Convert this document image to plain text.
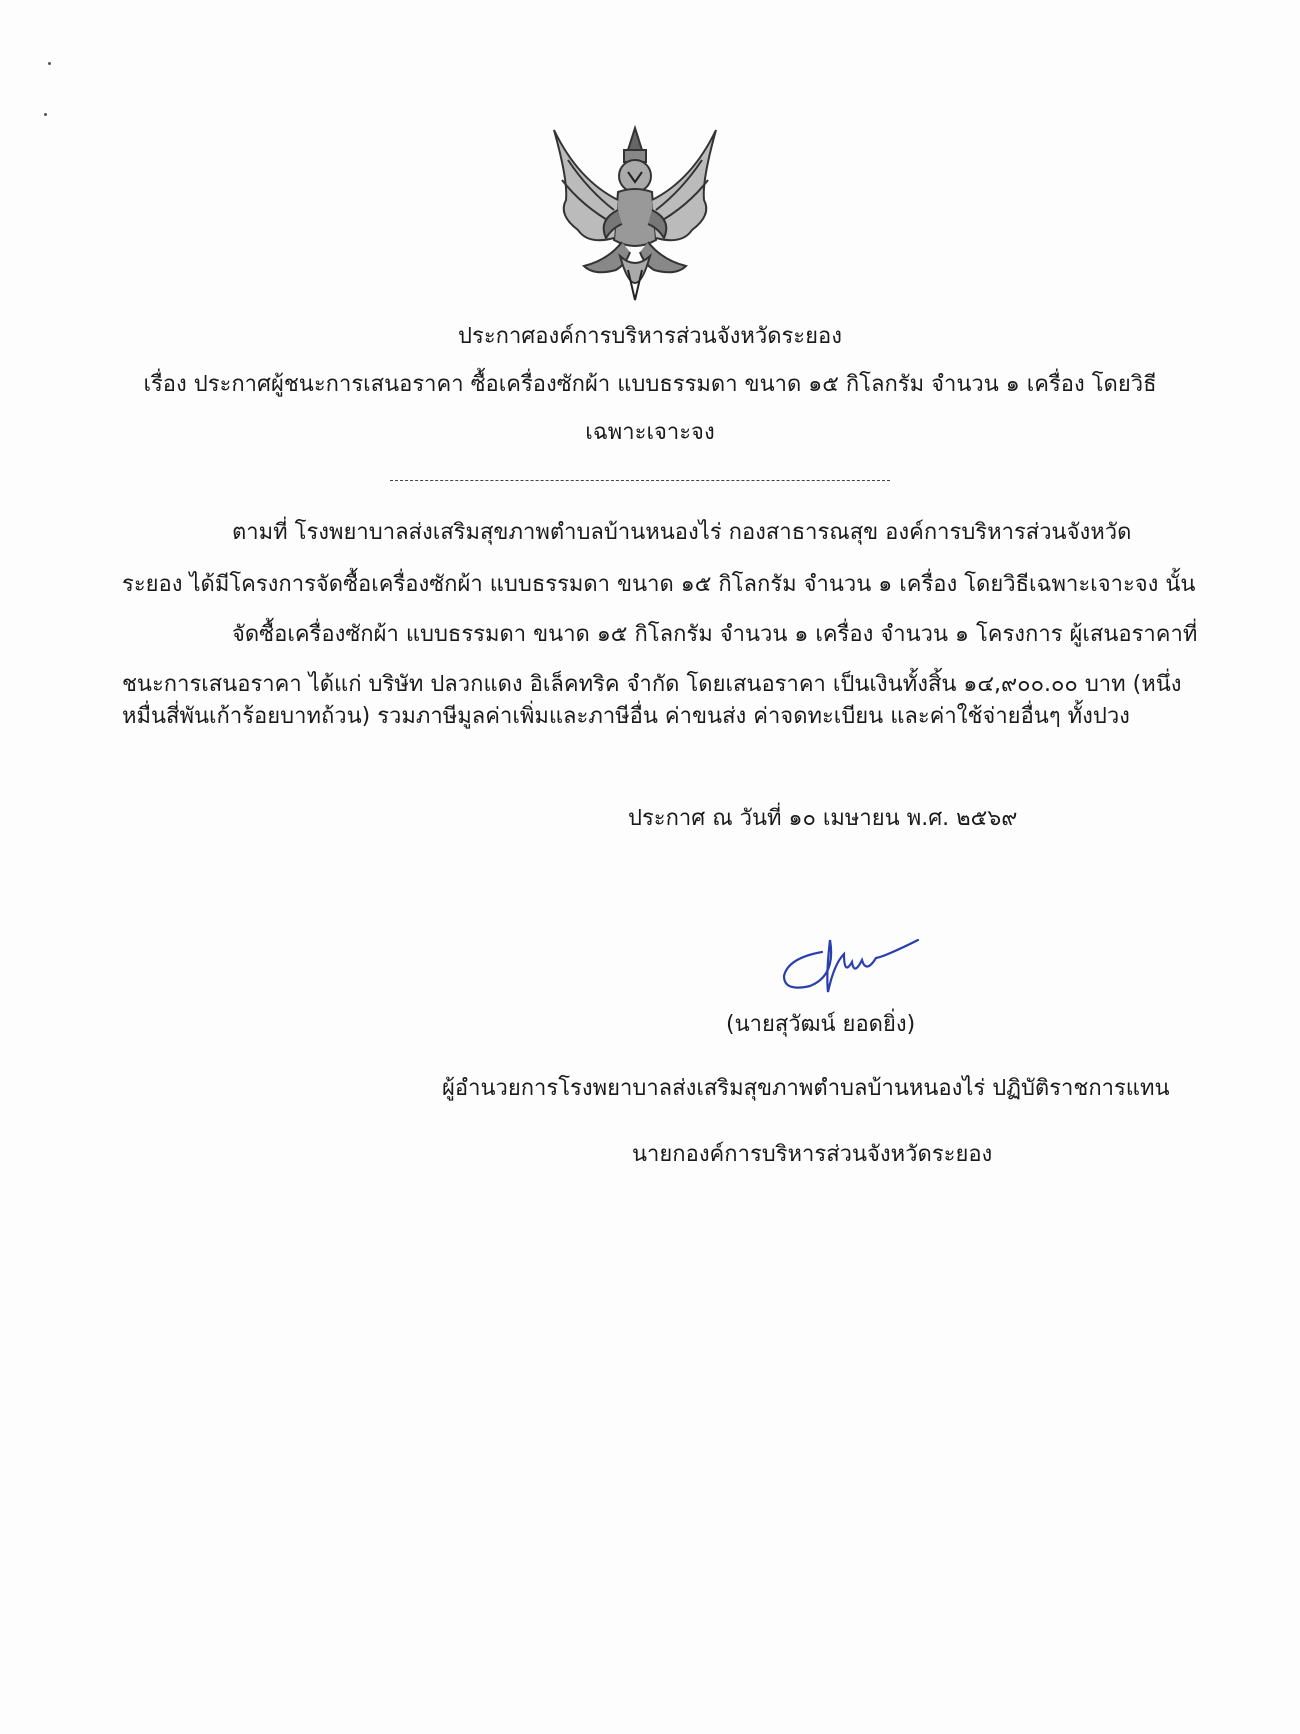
ประกาศองค์การบริหารส่วนจังหวัดระยอง
เรื่อง ประกาศผู้ชนะการเสนอราคา ซื้อเครื่องซักผ้า แบบธรรมดา ขนาด ๑๕ กิโลกรัม จำนวน ๑ เครื่อง โดยวิธี
เฉพาะเจาะจง
ตามที่ โรงพยาบาลส่งเสริมสุขภาพตำบลบ้านหนองไร่ กองสาธารณสุข องค์การบริหารส่วนจังหวัด
ระยอง ได้มีโครงการจัดซื้อเครื่องซักผ้า แบบธรรมดา ขนาด ๑๕ กิโลกรัม จำนวน ๑ เครื่อง โดยวิธีเฉพาะเจาะจง นั้น
จัดซื้อเครื่องซักผ้า แบบธรรมดา ขนาด ๑๕ กิโลกรัม จำนวน ๑ เครื่อง จำนวน ๑ โครงการ ผู้เสนอราคาที่
ชนะการเสนอราคา ได้แก่ บริษัท ปลวกแดง อิเล็คทริค จำกัด โดยเสนอราคา เป็นเงินทั้งสิ้น ๑๔,๙๐๐.๐๐ บาท (หนึ่ง
หมื่นสี่พันเก้าร้อยบาทถ้วน) รวมภาษีมูลค่าเพิ่มและภาษีอื่น ค่าขนส่ง ค่าจดทะเบียน และค่าใช้จ่ายอื่นๆ ทั้งปวง
ประกาศ ณ วันที่ ๑๐ เมษายน พ.ศ. ๒๕๖๙
(นายสุวัฒน์ ยอดยิ่ง)
ผู้อำนวยการโรงพยาบาลส่งเสริมสุขภาพตำบลบ้านหนองไร่ ปฏิบัติราชการแทน
นายกองค์การบริหารส่วนจังหวัดระยอง
